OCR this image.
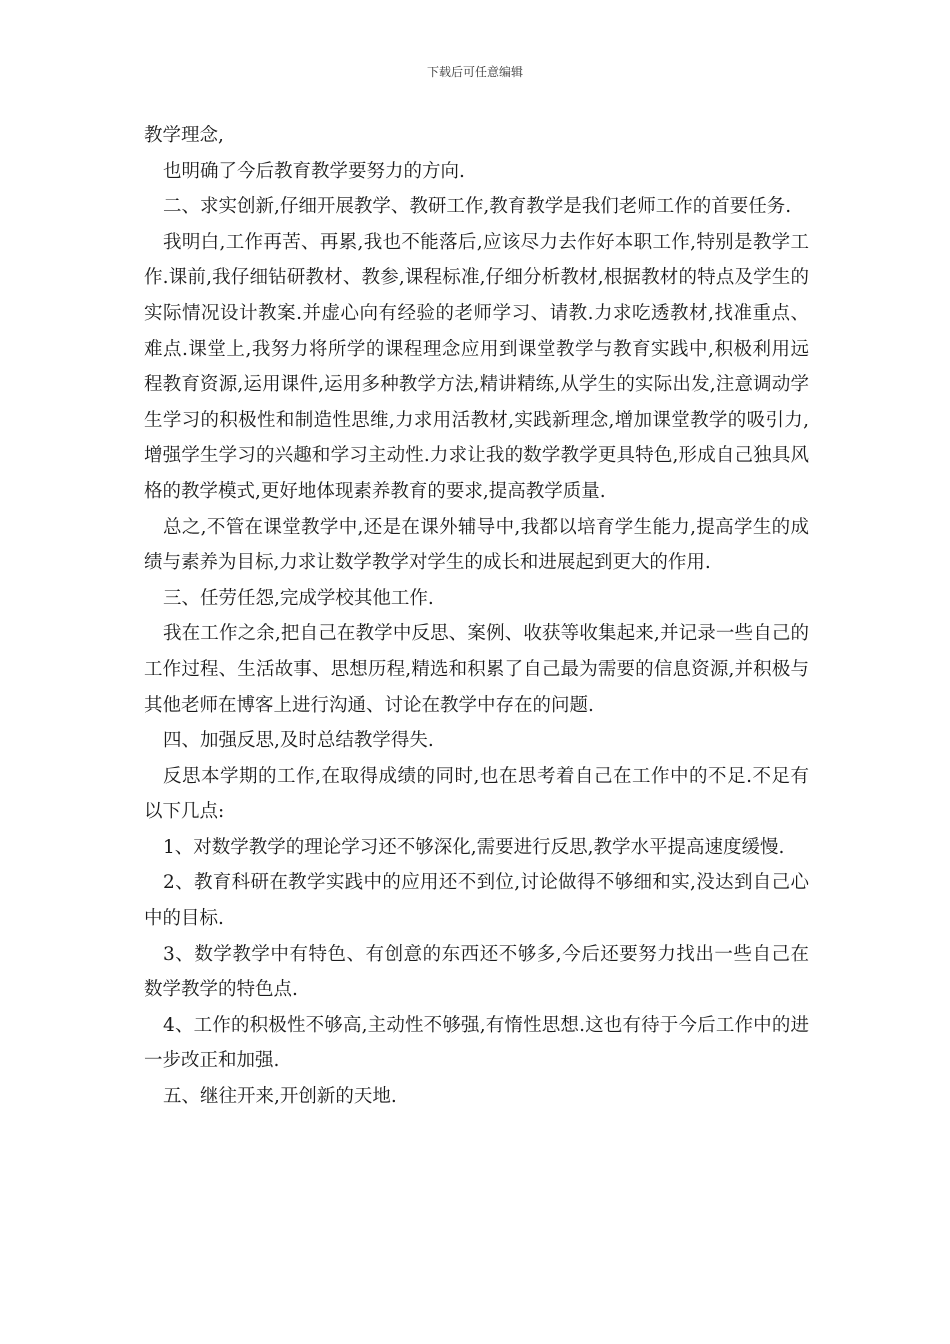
下载后可任意编辑

教学理念,

也明确了今后教育教学要努力的方向.

二、求实创新,仔细开展教学、教研工作,教育教学是我们老师工作的首要任务.

我明白,工作再苦、再累,我也不能落后,应该尽力去作好本职工作,特别是教学工作.课前,我仔细钻研教材、教参,课程标准,仔细分析教材,根据教材的特点及学生的实际情况设计教案.并虚心向有经验的老师学习、请教.力求吃透教材,找准重点、难点.课堂上,我努力将所学的课程理念应用到课堂教学与教育实践中,积极利用远程教育资源,运用课件,运用多种教学方法,精讲精练,从学生的实际出发,注意调动学生学习的积极性和制造性思维,力求用活教材,实践新理念,增加课堂教学的吸引力,增强学生学习的兴趣和学习主动性.力求让我的数学教学更具特色,形成自己独具风格的教学模式,更好地体现素养教育的要求,提高教学质量.

总之,不管在课堂教学中,还是在课外辅导中,我都以培育学生能力,提高学生的成绩与素养为目标,力求让数学教学对学生的成长和进展起到更大的作用.

三、任劳任怨,完成学校其他工作.

我在工作之余,把自己在教学中反思、案例、收获等收集起来,并记录一些自己的工作过程、生活故事、思想历程,精选和积累了自己最为需要的信息资源,并积极与其他老师在博客上进行沟通、讨论在教学中存在的问题.

四、加强反思,及时总结教学得失.

反思本学期的工作,在取得成绩的同时,也在思考着自己在工作中的不足.不足有以下几点:

1、对数学教学的理论学习还不够深化,需要进行反思,教学水平提高速度缓慢.

2、教育科研在教学实践中的应用还不到位,讨论做得不够细和实,没达到自己心中的目标.

3、数学教学中有特色、有创意的东西还不够多,今后还要努力找出一些自己在数学教学的特色点.

4、工作的积极性不够高,主动性不够强,有惰性思想.这也有待于今后工作中的进一步改正和加强.

五、继往开来,开创新的天地.
